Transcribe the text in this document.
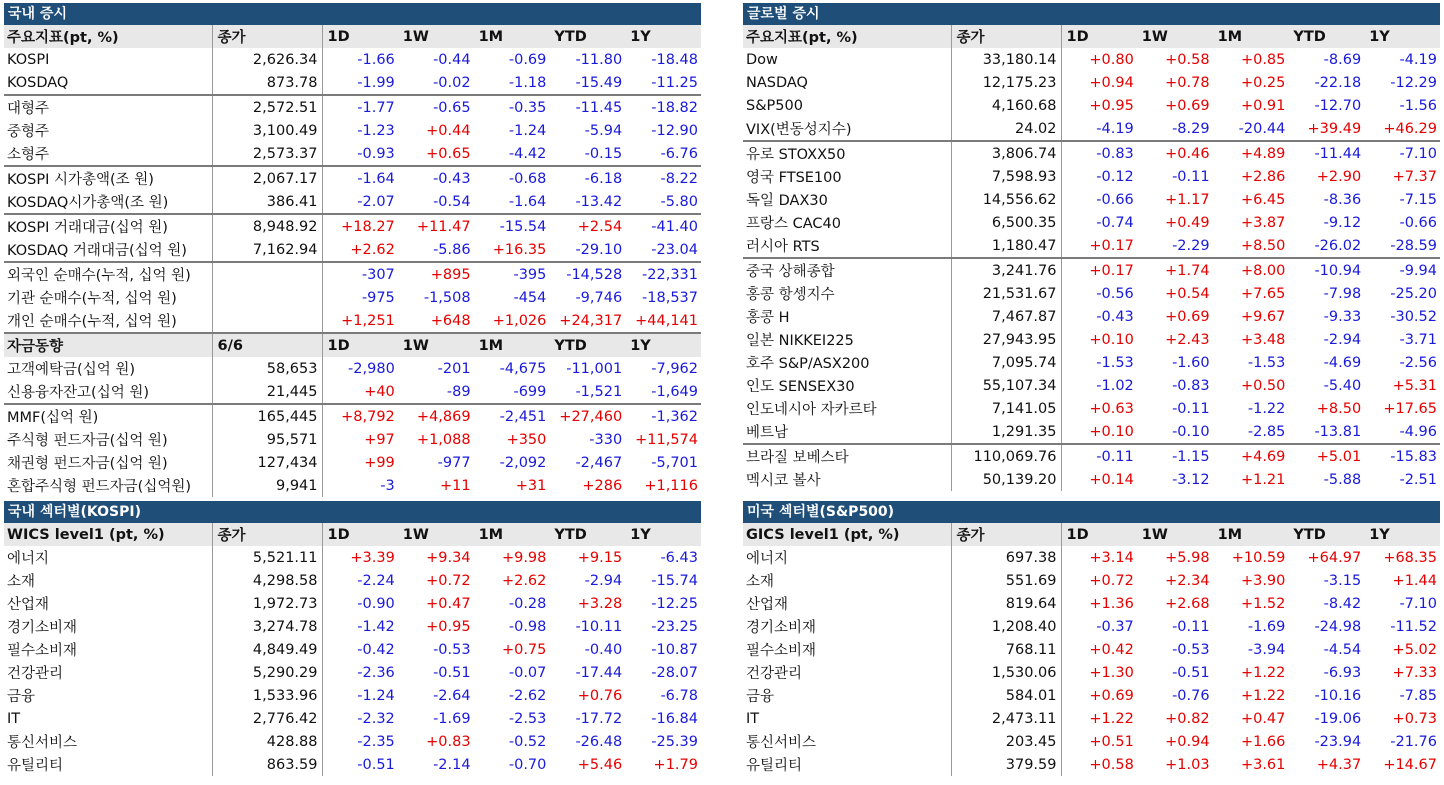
국내 증시
주요지표(pt, %)	종가	1D	1W	1M	YTD	1Y
KOSPI	2,626.34	-1.66	-0.44	-0.69	-11.80	-18.48
KOSDAQ	873.78	-1.99	-0.02	-1.18	-15.49	-11.25
대형주	2,572.51	-1.77	-0.65	-0.35	-11.45	-18.82
중형주	3,100.49	-1.23	+0.44	-1.24	-5.94	-12.90
소형주	2,573.37	-0.93	+0.65	-4.42	-0.15	-6.76
KOSPI 시가총액(조 원)	2,067.17	-1.64	-0.43	-0.68	-6.18	-8.22
KOSDAQ시가총액(조 원)	386.41	-2.07	-0.54	-1.64	-13.42	-5.80
KOSPI 거래대금(십억 원)	8,948.92	+18.27	+11.47	-15.54	+2.54	-41.40
KOSDAQ 거래대금(십억 원)	7,162.94	+2.62	-5.86	+16.35	-29.10	-23.04
외국인 순매수(누적, 십억 원)		-307	+895	-395	-14,528	-22,331
기관 순매수(누적, 십억 원)		-975	-1,508	-454	-9,746	-18,537
개인 순매수(누적, 십억 원)		+1,251	+648	+1,026	+24,317	+44,141
자금동향	6/6	1D	1W	1M	YTD	1Y
고객예탁금(십억 원)	58,653	-2,980	-201	-4,675	-11,001	-7,962
신용융자잔고(십억 원)	21,445	+40	-89	-699	-1,521	-1,649
MMF(십억 원)	165,445	+8,792	+4,869	-2,451	+27,460	-1,362
주식형 펀드자금(십억 원)	95,571	+97	+1,088	+350	-330	+11,574
채권형 펀드자금(십억 원)	127,434	+99	-977	-2,092	-2,467	-5,701
혼합주식형 펀드자금(십억원)	9,941	-3	+11	+31	+286	+1,116
글로벌 증시
주요지표(pt, %)	종가	1D	1W	1M	YTD	1Y
Dow	33,180.14	+0.80	+0.58	+0.85	-8.69	-4.19
NASDAQ	12,175.23	+0.94	+0.78	+0.25	-22.18	-12.29
S&P500	4,160.68	+0.95	+0.69	+0.91	-12.70	-1.56
VIX(변동성지수)	24.02	-4.19	-8.29	-20.44	+39.49	+46.29
유로 STOXX50	3,806.74	-0.83	+0.46	+4.89	-11.44	-7.10
영국 FTSE100	7,598.93	-0.12	-0.11	+2.86	+2.90	+7.37
독일 DAX30	14,556.62	-0.66	+1.17	+6.45	-8.36	-7.15
프랑스 CAC40	6,500.35	-0.74	+0.49	+3.87	-9.12	-0.66
러시아 RTS	1,180.47	+0.17	-2.29	+8.50	-26.02	-28.59
중국 상해종합	3,241.76	+0.17	+1.74	+8.00	-10.94	-9.94
홍콩 항셍지수	21,531.67	-0.56	+0.54	+7.65	-7.98	-25.20
홍콩 H	7,467.87	-0.43	+0.69	+9.67	-9.33	-30.52
일본 NIKKEI225	27,943.95	+0.10	+2.43	+3.48	-2.94	-3.71
호주 S&P/ASX200	7,095.74	-1.53	-1.60	-1.53	-4.69	-2.56
인도 SENSEX30	55,107.34	-1.02	-0.83	+0.50	-5.40	+5.31
인도네시아 자카르타	7,141.05	+0.63	-0.11	-1.22	+8.50	+17.65
베트남	1,291.35	+0.10	-0.10	-2.85	-13.81	-4.96
브라질 보베스타	110,069.76	-0.11	-1.15	+4.69	+5.01	-15.83
멕시코 볼사	50,139.20	+0.14	-3.12	+1.21	-5.88	-2.51
국내 섹터별(KOSPI)
WICS level1 (pt, %)	종가	1D	1W	1M	YTD	1Y
에너지	5,521.11	+3.39	+9.34	+9.98	+9.15	-6.43
소재	4,298.58	-2.24	+0.72	+2.62	-2.94	-15.74
산업재	1,972.73	-0.90	+0.47	-0.28	+3.28	-12.25
경기소비재	3,274.78	-1.42	+0.95	-0.98	-10.11	-23.25
필수소비재	4,849.49	-0.42	-0.53	+0.75	-0.40	-10.87
건강관리	5,290.29	-2.36	-0.51	-0.07	-17.44	-28.07
금융	1,533.96	-1.24	-2.64	-2.62	+0.76	-6.78
IT	2,776.42	-2.32	-1.69	-2.53	-17.72	-16.84
통신서비스	428.88	-2.35	+0.83	-0.52	-26.48	-25.39
유틸리티	863.59	-0.51	-2.14	-0.70	+5.46	+1.79
미국 섹터별(S&P500)
GICS level1 (pt, %)	종가	1D	1W	1M	YTD	1Y
에너지	697.38	+3.14	+5.98	+10.59	+64.97	+68.35
소재	551.69	+0.72	+2.34	+3.90	-3.15	+1.44
산업재	819.64	+1.36	+2.68	+1.52	-8.42	-7.10
경기소비재	1,208.40	-0.37	-0.11	-1.69	-24.98	-11.52
필수소비재	768.11	+0.42	-0.53	-3.94	-4.54	+5.02
건강관리	1,530.06	+1.30	-0.51	+1.22	-6.93	+7.33
금융	584.01	+0.69	-0.76	+1.22	-10.16	-7.85
IT	2,473.11	+1.22	+0.82	+0.47	-19.06	+0.73
통신서비스	203.45	+0.51	+0.94	+1.66	-23.94	-21.76
유틸리티	379.59	+0.58	+1.03	+3.61	+4.37	+14.67
